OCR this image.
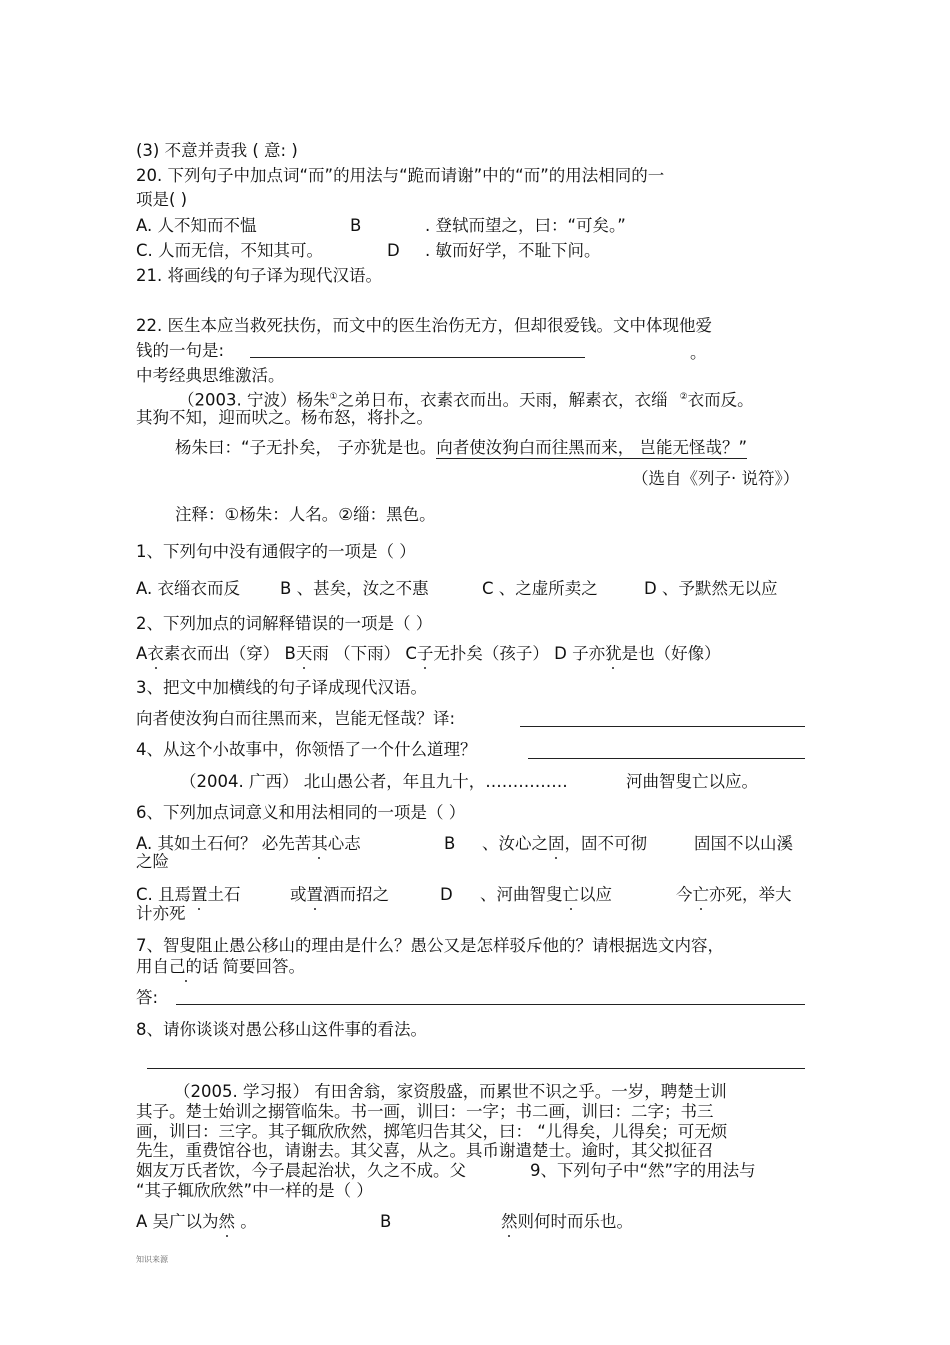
(3) 不意并责我 ( 意: )
20. 下列句子中加点词“而”的用法与“跪而请谢”中的“而”的用法相同的一
项是( )
A. 人不知而不愠	B	. 登轼而望之，曰：“可矣。”
C. 人而无信，不知其可。	D . 敏而好学，不耻下问。
21. 将画线的句子译为现代汉语。
22. 医生本应当救死扶伤，而文中的医生治伤无方，但却很爱钱。文中体现他爱
钱的一句是:	。
中考经典思维激活。
（2003. 宁波）杨朱①之弟日布，衣素衣而出。天雨，解素衣，衣缁 ②衣而反。
其狗不知，迎而吠之。杨布怒，将扑之。
杨朱曰：“子无扑矣， 子亦犹是也。向者使汝狗白而往黑而来， 岂能无怪哉？”
（选自《列子· 说符》）
注释：①杨朱：人名。②缁：黑色。
1、下列句中没有通假字的一项是（ ）
A. 衣缁衣而反 B 、甚矣，汝之不惠	C 、之虚所卖之	D 、予默然无以应
2、下列加点的词解释错误的一项是（ ）
A衣素衣而出（穿） B天雨 （下雨） C子无扑矣（孩子） D 子亦犹是也（好像）
3、把文中加横线的句子译成现代汉语。
向者使汝狗白而往黑而来，岂能无怪哉？译:
4、从这个小故事中，你领悟了一个什么道理？
（2004. 广西） 北山愚公者，年且九十，……………	河曲智叟亡以应。
6、下列加点词意义和用法相同的一项是（ ）
A. 其如土石何？ 必先苦其心志	B 、汝心之固，固不可彻	固国不以山溪
之险
C. 且焉置土石	或置酒而招之	D 、河曲智叟亡以应	今亡亦死，举大
计亦死
7、智叟阻止愚公移山的理由是什么？愚公又是怎样驳斥他的？请根据选文内容，
用自己的话 简要回答。
答:
8、请你谈谈对愚公移山这件事的看法。
（2005. 学习报） 有田舍翁，家资殷盛，而累世不识之乎。一岁，聘楚士训
其子。楚士始训之搦管临朱。书一画，训曰：一字；书二画，训曰：二字；书三
画，训曰：三字。其子辄欣欣然，掷笔归告其父，曰： “儿得矣，儿得矣；可无烦
先生，重费馆谷也，请谢去。其父喜，从之。具币谢遣楚士。逾时，其父拟征召
姻友万氏者饮，今子晨起治状，久之不成。父	9、下列句子中“然”字的用法与
“其子辄欣欣然”中一样的是（ ）
A 吴广以为然 。	B	然则何时而乐也。
知识来源
